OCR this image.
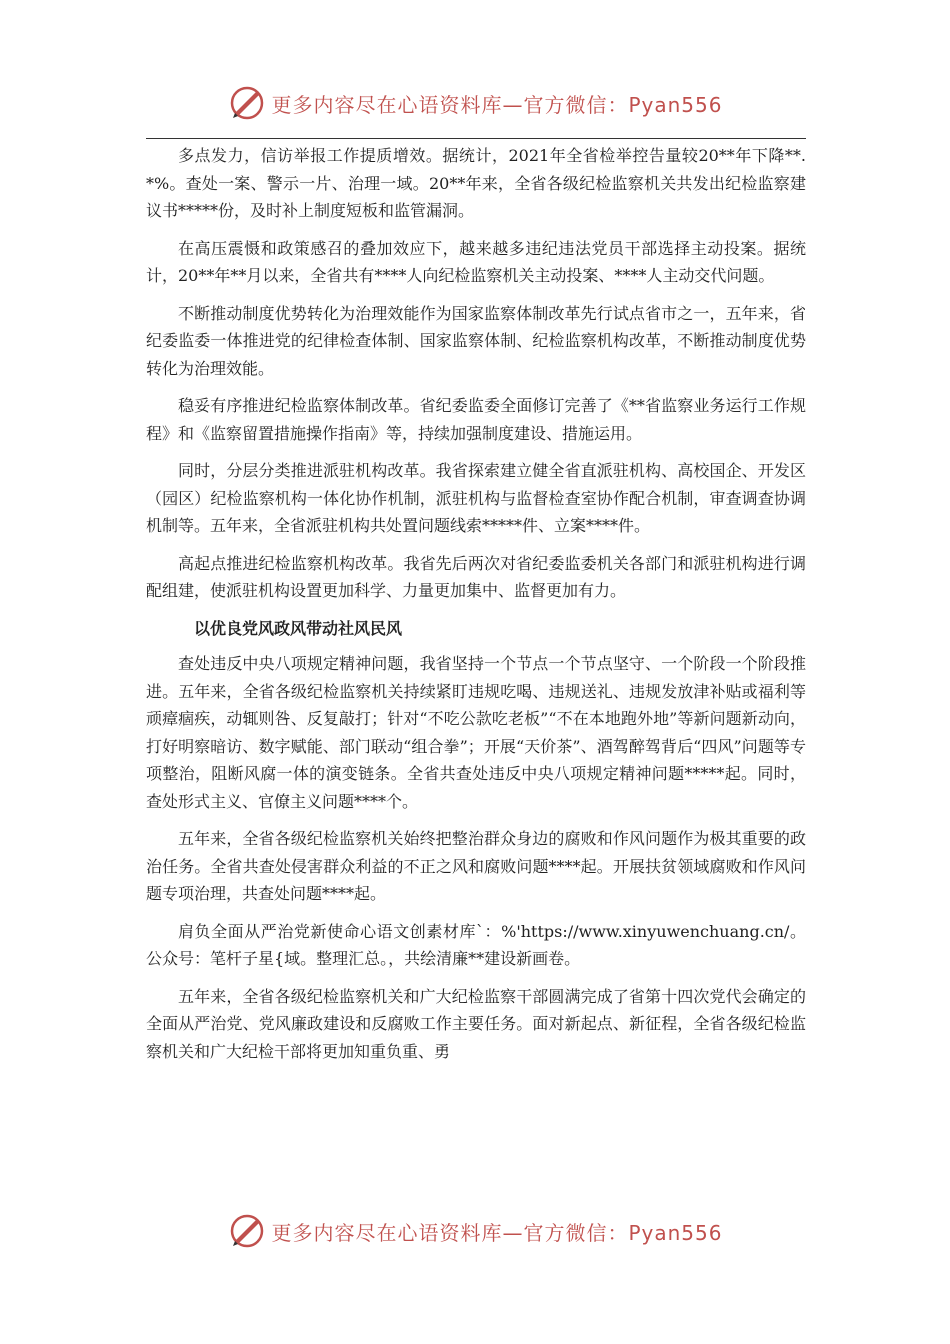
更多内容尽在心语资料库—官方微信：Pyan556

多点发力，信访举报工作提质增效。据统计，2021年全省检举控告量较20**年下降**.*%。查处一案、警示一片、治理一域。20**年来，全省各级纪检监察机关共发出纪检监察建议书*****份，及时补上制度短板和监管漏洞。

在高压震慑和政策感召的叠加效应下，越来越多违纪违法党员干部选择主动投案。据统计，20**年**月以来，全省共有****人向纪检监察机关主动投案、****人主动交代问题。

不断推动制度优势转化为治理效能作为国家监察体制改革先行试点省市之一，五年来，省纪委监委一体推进党的纪律检查体制、国家监察体制、纪检监察机构改革，不断推动制度优势转化为治理效能。

稳妥有序推进纪检监察体制改革。省纪委监委全面修订完善了《**省监察业务运行工作规程》和《监察留置措施操作指南》等，持续加强制度建设、措施运用。

同时，分层分类推进派驻机构改革。我省探索建立健全省直派驻机构、高校国企、开发区（园区）纪检监察机构一体化协作机制，派驻机构与监督检查室协作配合机制，审查调查协调机制等。五年来，全省派驻机构共处置问题线索*****件、立案****件。

高起点推进纪检监察机构改革。我省先后两次对省纪委监委机关各部门和派驻机构进行调配组建，使派驻机构设置更加科学、力量更加集中、监督更加有力。

以优良党风政风带动社风民风

查处违反中央八项规定精神问题，我省坚持一个节点一个节点坚守、一个阶段一个阶段推进。五年来，全省各级纪检监察机关持续紧盯违规吃喝、违规送礼、违规发放津补贴或福利等顽瘴痼疾，动辄则咎、反复敲打；针对“不吃公款吃老板”“不在本地跑外地”等新问题新动向，打好明察暗访、数字赋能、部门联动“组合拳”；开展“天价茶”、酒驾醉驾背后“四风”问题等专项整治，阻断风腐一体的演变链条。全省共查处违反中央八项规定精神问题*****起。同时，查处形式主义、官僚主义问题****个。

五年来，全省各级纪检监察机关始终把整治群众身边的腐败和作风问题作为极其重要的政治任务。全省共查处侵害群众利益的不正之风和腐败问题****起。开展扶贫领域腐败和作风问题专项治理，共查处问题****起。

肩负全面从严治党新使命心语文创素材库`：%'https://www.xinyuwenchuang.cn/。公众号：笔杆子星{域。整理汇总。，共绘清廉**建设新画卷。

五年来，全省各级纪检监察机关和广大纪检监察干部圆满完成了省第十四次党代会确定的全面从严治党、党风廉政建设和反腐败工作主要任务。面对新起点、新征程，全省各级纪检监察机关和广大纪检干部将更加知重负重、勇

更多内容尽在心语资料库—官方微信：Pyan556
